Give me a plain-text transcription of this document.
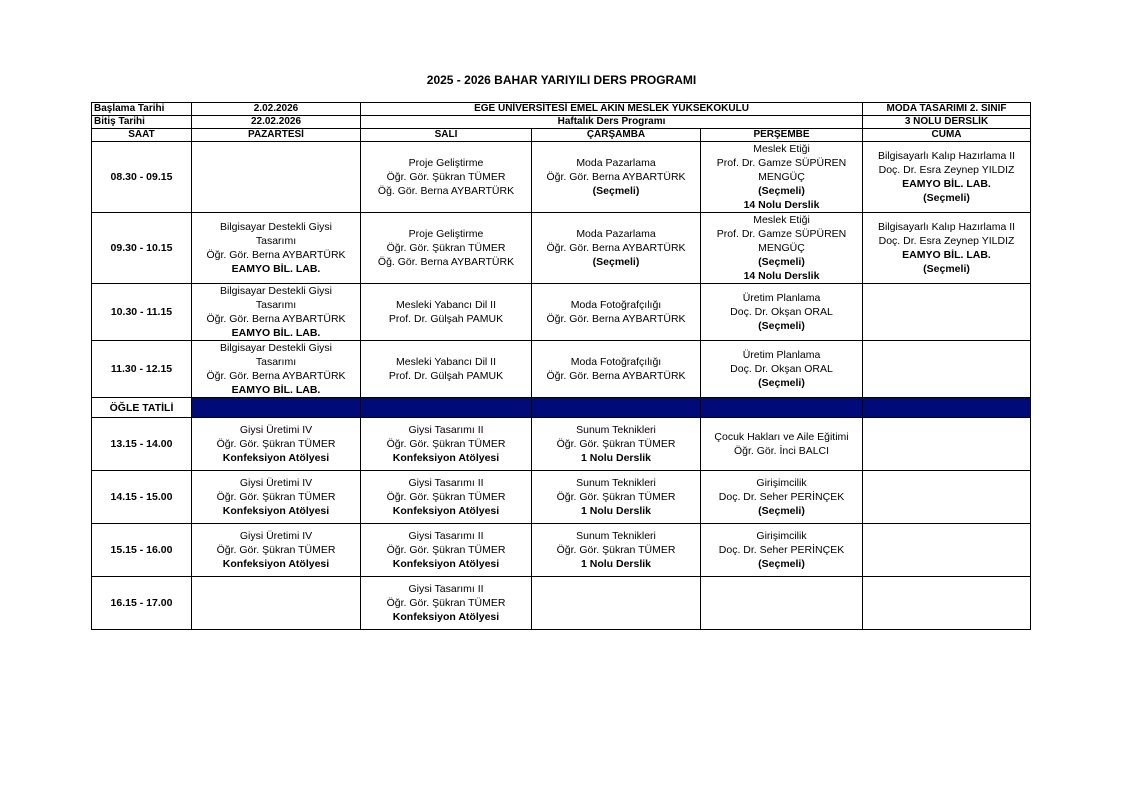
2025 - 2026 BAHAR YARIYILI DERS PROGRAMI
Başlama Tarihi	2.02.2026	EGE ÜNİVERSİTESİ EMEL AKIN MESLEK YÜKSEKOKULU			MODA TASARIMI 2. SINIF
Bitiş Tarihi	22.02.2026	Haftalık Ders Programı			3 NOLU DERSLİK
SAAT	PAZARTESİ	SALI	ÇARŞAMBA	PERŞEMBE	CUMA
08.30 - 09.15		Proje Geliştirme
Öğr. Gör. Şükran TÜMER
Öğ. Gör. Berna AYBARTÜRK	Moda Pazarlama
Öğr. Gör. Berna AYBARTÜRK
(Seçmeli)	Meslek Etiği
Prof. Dr. Gamze SÜPÜREN
MENGÜÇ
(Seçmeli)
14 Nolu Derslik	Bilgisayarlı Kalıp Hazırlama II
Doç. Dr. Esra Zeynep YILDIZ
EAMYO BİL. LAB.
(Seçmeli)

09.30 - 10.15	Bilgisayar Destekli Giysi
Tasarımı
Öğr. Gör. Berna AYBARTÜRK
EAMYO BİL. LAB.	Proje Geliştirme
Öğr. Gör. Şükran TÜMER
Öğ. Gör. Berna AYBARTÜRK	Moda Pazarlama
Öğr. Gör. Berna AYBARTÜRK
(Seçmeli)	Meslek Etiği
Prof. Dr. Gamze SÜPÜREN
MENGÜÇ
(Seçmeli)
14 Nolu Derslik	Bilgisayarlı Kalıp Hazırlama II
Doç. Dr. Esra Zeynep YILDIZ
EAMYO BİL. LAB.
(Seçmeli)

10.30 - 11.15	Bilgisayar Destekli Giysi
Tasarımı
Öğr. Gör. Berna AYBARTÜRK
EAMYO BİL. LAB.	Mesleki Yabancı Dil II
Prof. Dr. Gülşah PAMUK	Moda Fotoğrafçılığı
Öğr. Gör. Berna AYBARTÜRK	Üretim Planlama
Doç. Dr. Okşan ORAL
(Seçmeli)	

11.30 - 12.15	Bilgisayar Destekli Giysi
Tasarımı
Öğr. Gör. Berna AYBARTÜRK
EAMYO BİL. LAB.	Mesleki Yabancı Dil II
Prof. Dr. Gülşah PAMUK	Moda Fotoğrafçılığı
Öğr. Gör. Berna AYBARTÜRK	Üretim Planlama
Doç. Dr. Okşan ORAL
(Seçmeli)	

ÖĞLE TATİLİ					
13.15 - 14.00	Giysi Üretimi IV
Öğr. Gör. Şükran TÜMER
Konfeksiyon Atölyesi	Giysi Tasarımı II
Öğr. Gör. Şükran TÜMER
Konfeksiyon Atölyesi	Sunum Teknikleri
Öğr. Gör. Şükran TÜMER
1 Nolu Derslik	Çocuk Hakları ve Aile Eğitimi
Öğr. Gör. İnci BALCI	

14.15 - 15.00	Giysi Üretimi IV
Öğr. Gör. Şükran TÜMER
Konfeksiyon Atölyesi	Giysi Tasarımı II
Öğr. Gör. Şükran TÜMER
Konfeksiyon Atölyesi	Sunum Teknikleri
Öğr. Gör. Şükran TÜMER
1 Nolu Derslik	Girişimcilik
Doç. Dr. Seher PERİNÇEK
(Seçmeli)	

15.15 - 16.00	Giysi Üretimi IV
Öğr. Gör. Şükran TÜMER
Konfeksiyon Atölyesi	Giysi Tasarımı II
Öğr. Gör. Şükran TÜMER
Konfeksiyon Atölyesi	Sunum Teknikleri
Öğr. Gör. Şükran TÜMER
1 Nolu Derslik	Girişimcilik
Doç. Dr. Seher PERİNÇEK
(Seçmeli)	

16.15 - 17.00		Giysi Tasarımı II
Öğr. Gör. Şükran TÜMER
Konfeksiyon Atölyesi			
